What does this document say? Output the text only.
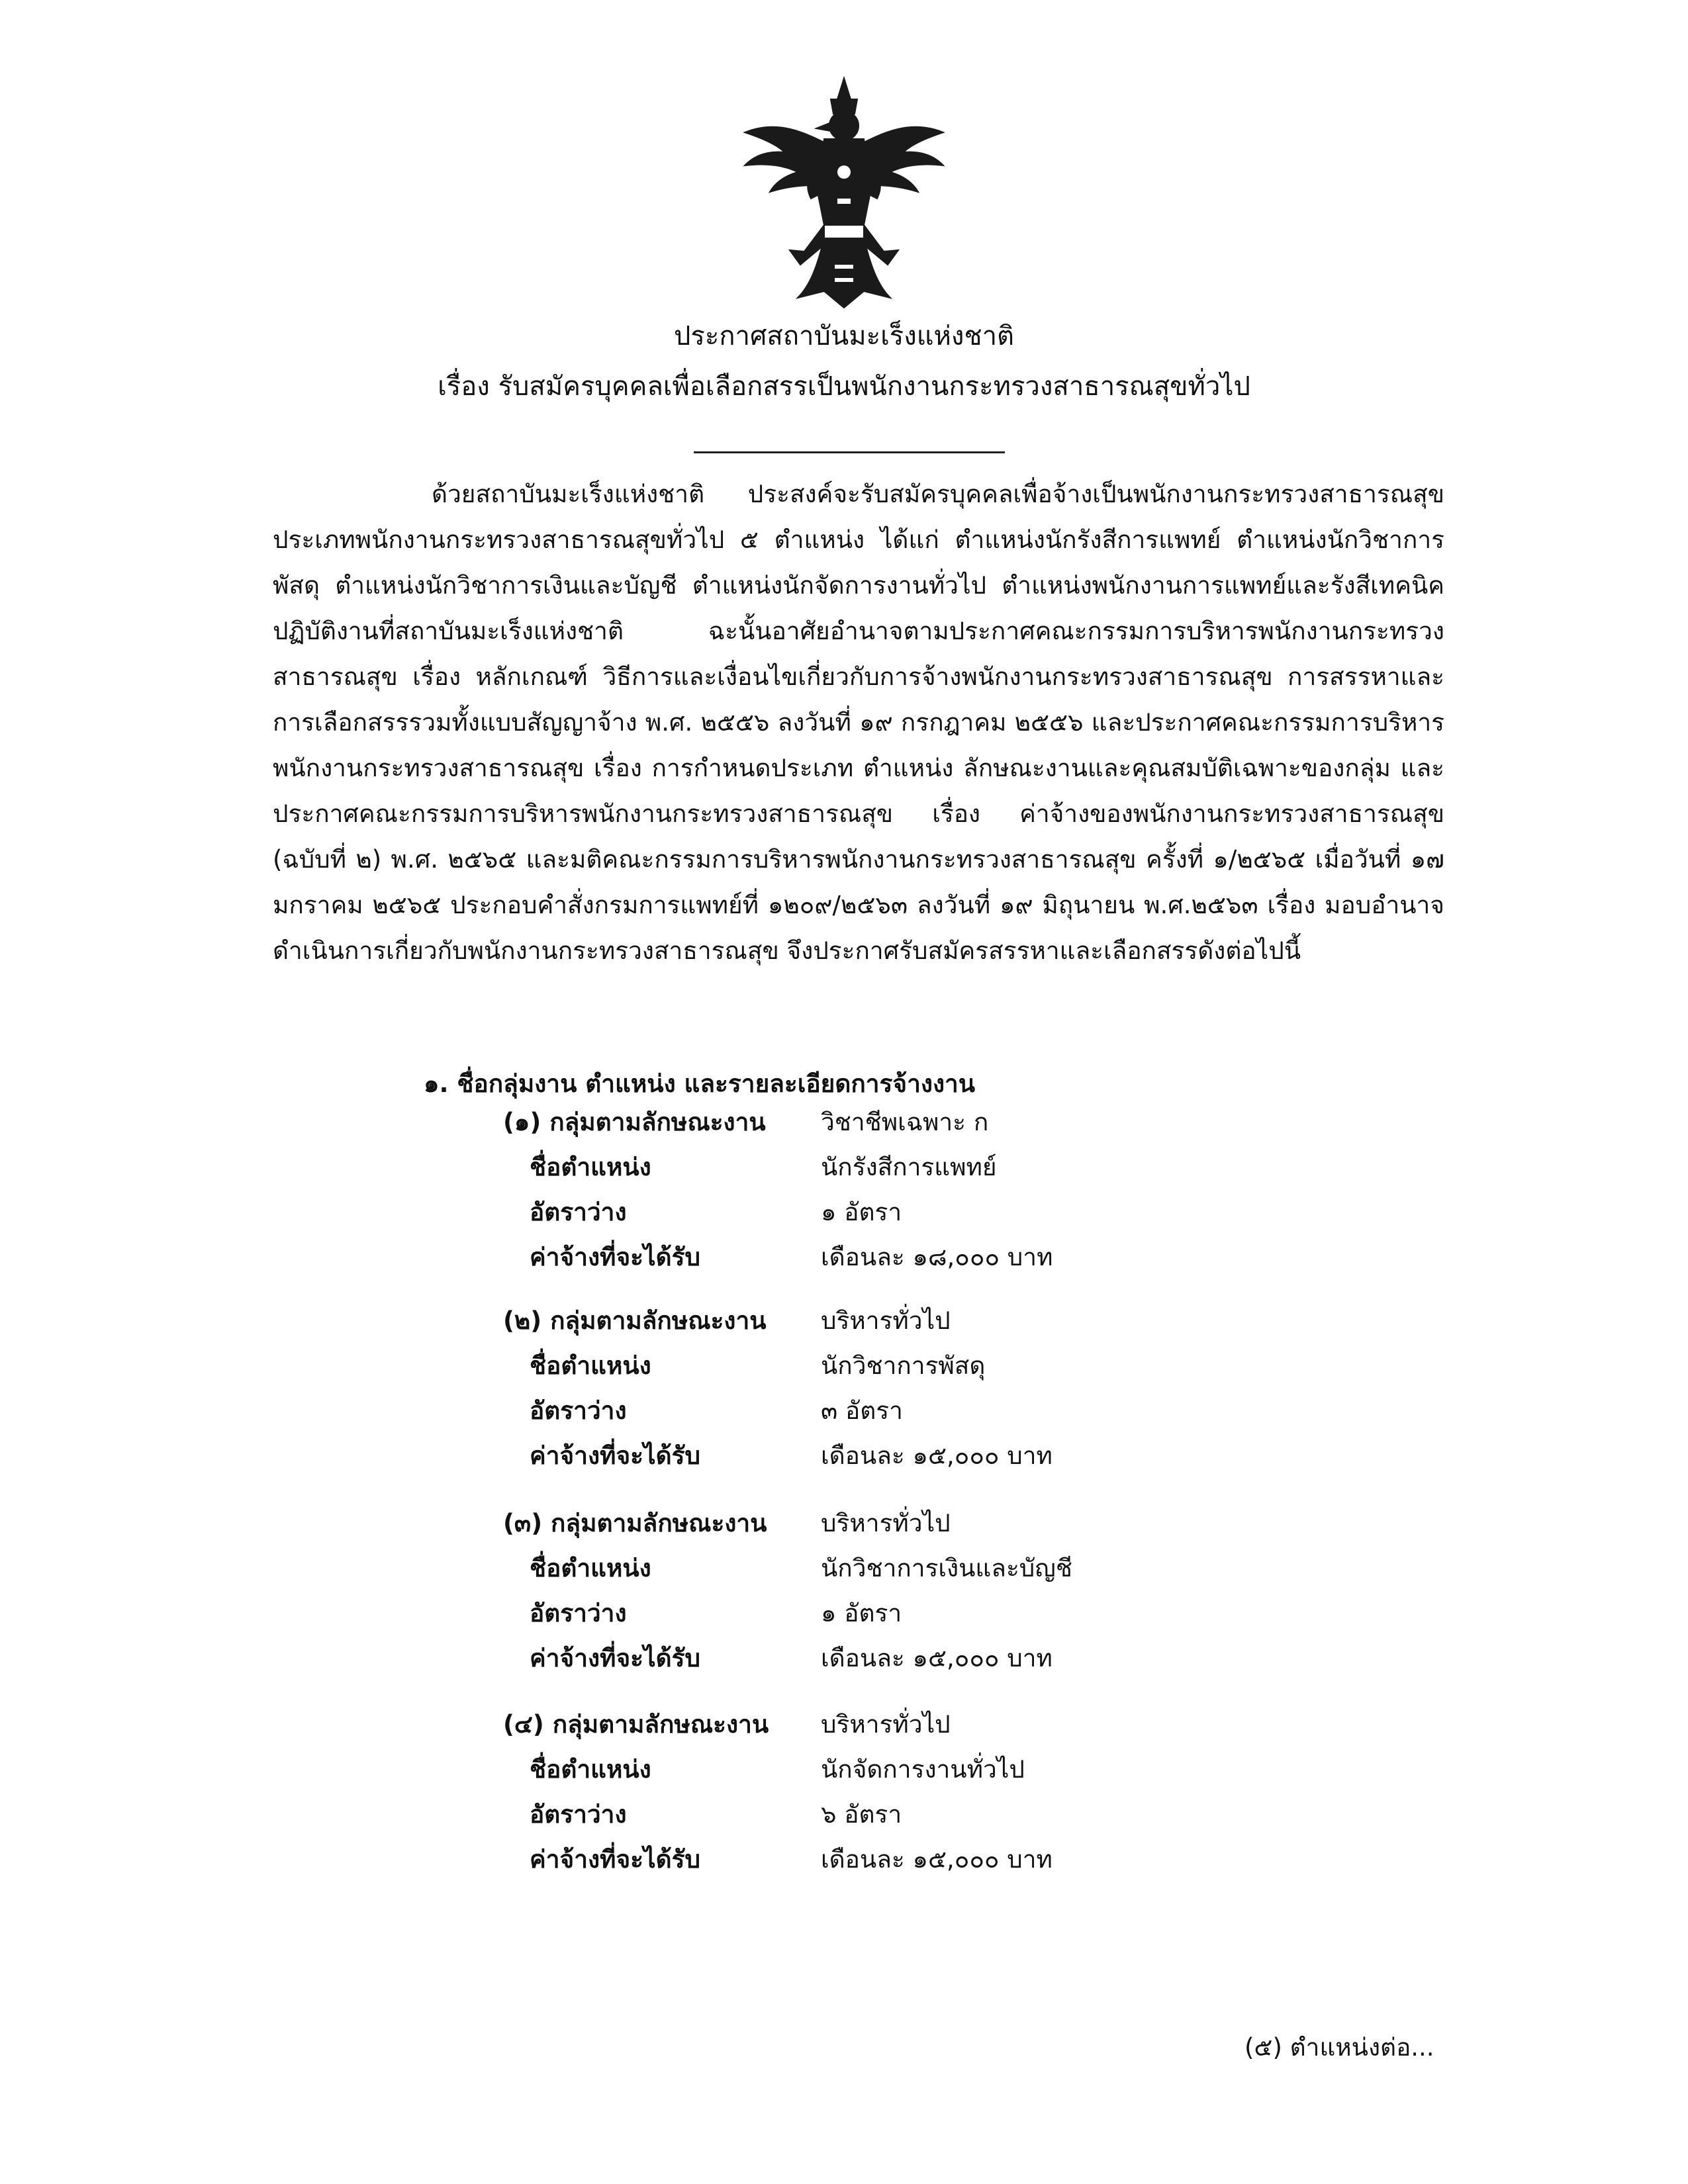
ประกาศสถาบันมะเร็งแห่งชาติ
เรื่อง รับสมัครบุคคลเพื่อเลือกสรรเป็นพนักงานกระทรวงสาธารณสุขทั่วไป

ด้วยสถาบันมะเร็งแห่งชาติ ประสงค์จะรับสมัครบุคคลเพื่อจ้างเป็นพนักงานกระทรวงสาธารณสุข ประเภทพนักงานกระทรวงสาธารณสุขทั่วไป ๕ ตำแหน่ง ได้แก่ ตำแหน่งนักรังสีการแพทย์ ตำแหน่งนักวิชาการพัสดุ ตำแหน่งนักวิชาการเงินและบัญชี ตำแหน่งนักจัดการงานทั่วไป ตำแหน่งพนักงานการแพทย์และรังสีเทคนิค ปฏิบัติงานที่สถาบันมะเร็งแห่งชาติ ฉะนั้นอาศัยอำนาจตามประกาศคณะกรรมการบริหารพนักงานกระทรวงสาธารณสุข เรื่อง หลักเกณฑ์ วิธีการและเงื่อนไขเกี่ยวกับการจ้างพนักงานกระทรวงสาธารณสุข การสรรหาและการเลือกสรรรวมทั้งแบบสัญญาจ้าง พ.ศ. ๒๕๕๖ ลงวันที่ ๑๙ กรกฎาคม ๒๕๕๖ และประกาศคณะกรรมการบริหารพนักงานกระทรวงสาธารณสุข เรื่อง การกำหนดประเภท ตำแหน่ง ลักษณะงานและคุณสมบัติเฉพาะของกลุ่ม และประกาศคณะกรรมการบริหารพนักงานกระทรวงสาธารณสุข เรื่อง ค่าจ้างของพนักงานกระทรวงสาธารณสุข (ฉบับที่ ๒) พ.ศ. ๒๕๖๕ และมติคณะกรรมการบริหารพนักงานกระทรวงสาธารณสุข ครั้งที่ ๑/๒๕๖๕ เมื่อวันที่ ๑๗ มกราคม ๒๕๖๕ ประกอบคำสั่งกรมการแพทย์ที่ ๑๒๐๙/๒๕๖๓ ลงวันที่ ๑๙ มิถุนายน พ.ศ.๒๕๖๓ เรื่อง มอบอำนาจดำเนินการเกี่ยวกับพนักงานกระทรวงสาธารณสุข จึงประกาศรับสมัครสรรหาและเลือกสรรดังต่อไปนี้

๑. ชื่อกลุ่มงาน ตำแหน่ง และรายละเอียดการจ้างงาน
(๑) กลุ่มตามลักษณะงาน วิชาชีพเฉพาะ ก
ชื่อตำแหน่ง	นักรังสีการแพทย์
อัตราว่าง	๑ อัตรา
ค่าจ้างที่จะได้รับ	เดือนละ ๑๘,๐๐๐ บาท
(๒) กลุ่มตามลักษณะงาน บริหารทั่วไป
ชื่อตำแหน่ง	นักวิชาการพัสดุ
อัตราว่าง	๓ อัตรา
ค่าจ้างที่จะได้รับ	เดือนละ ๑๕,๐๐๐ บาท
(๓) กลุ่มตามลักษณะงาน บริหารทั่วไป
ชื่อตำแหน่ง	นักวิชาการเงินและบัญชี
อัตราว่าง	๑ อัตรา
ค่าจ้างที่จะได้รับ	เดือนละ ๑๕,๐๐๐ บาท
(๔) กลุ่มตามลักษณะงาน บริหารทั่วไป
ชื่อตำแหน่ง	นักจัดการงานทั่วไป
อัตราว่าง	๖ อัตรา
ค่าจ้างที่จะได้รับ	เดือนละ ๑๕,๐๐๐ บาท
(๕) ตำแหน่งต่อ...
